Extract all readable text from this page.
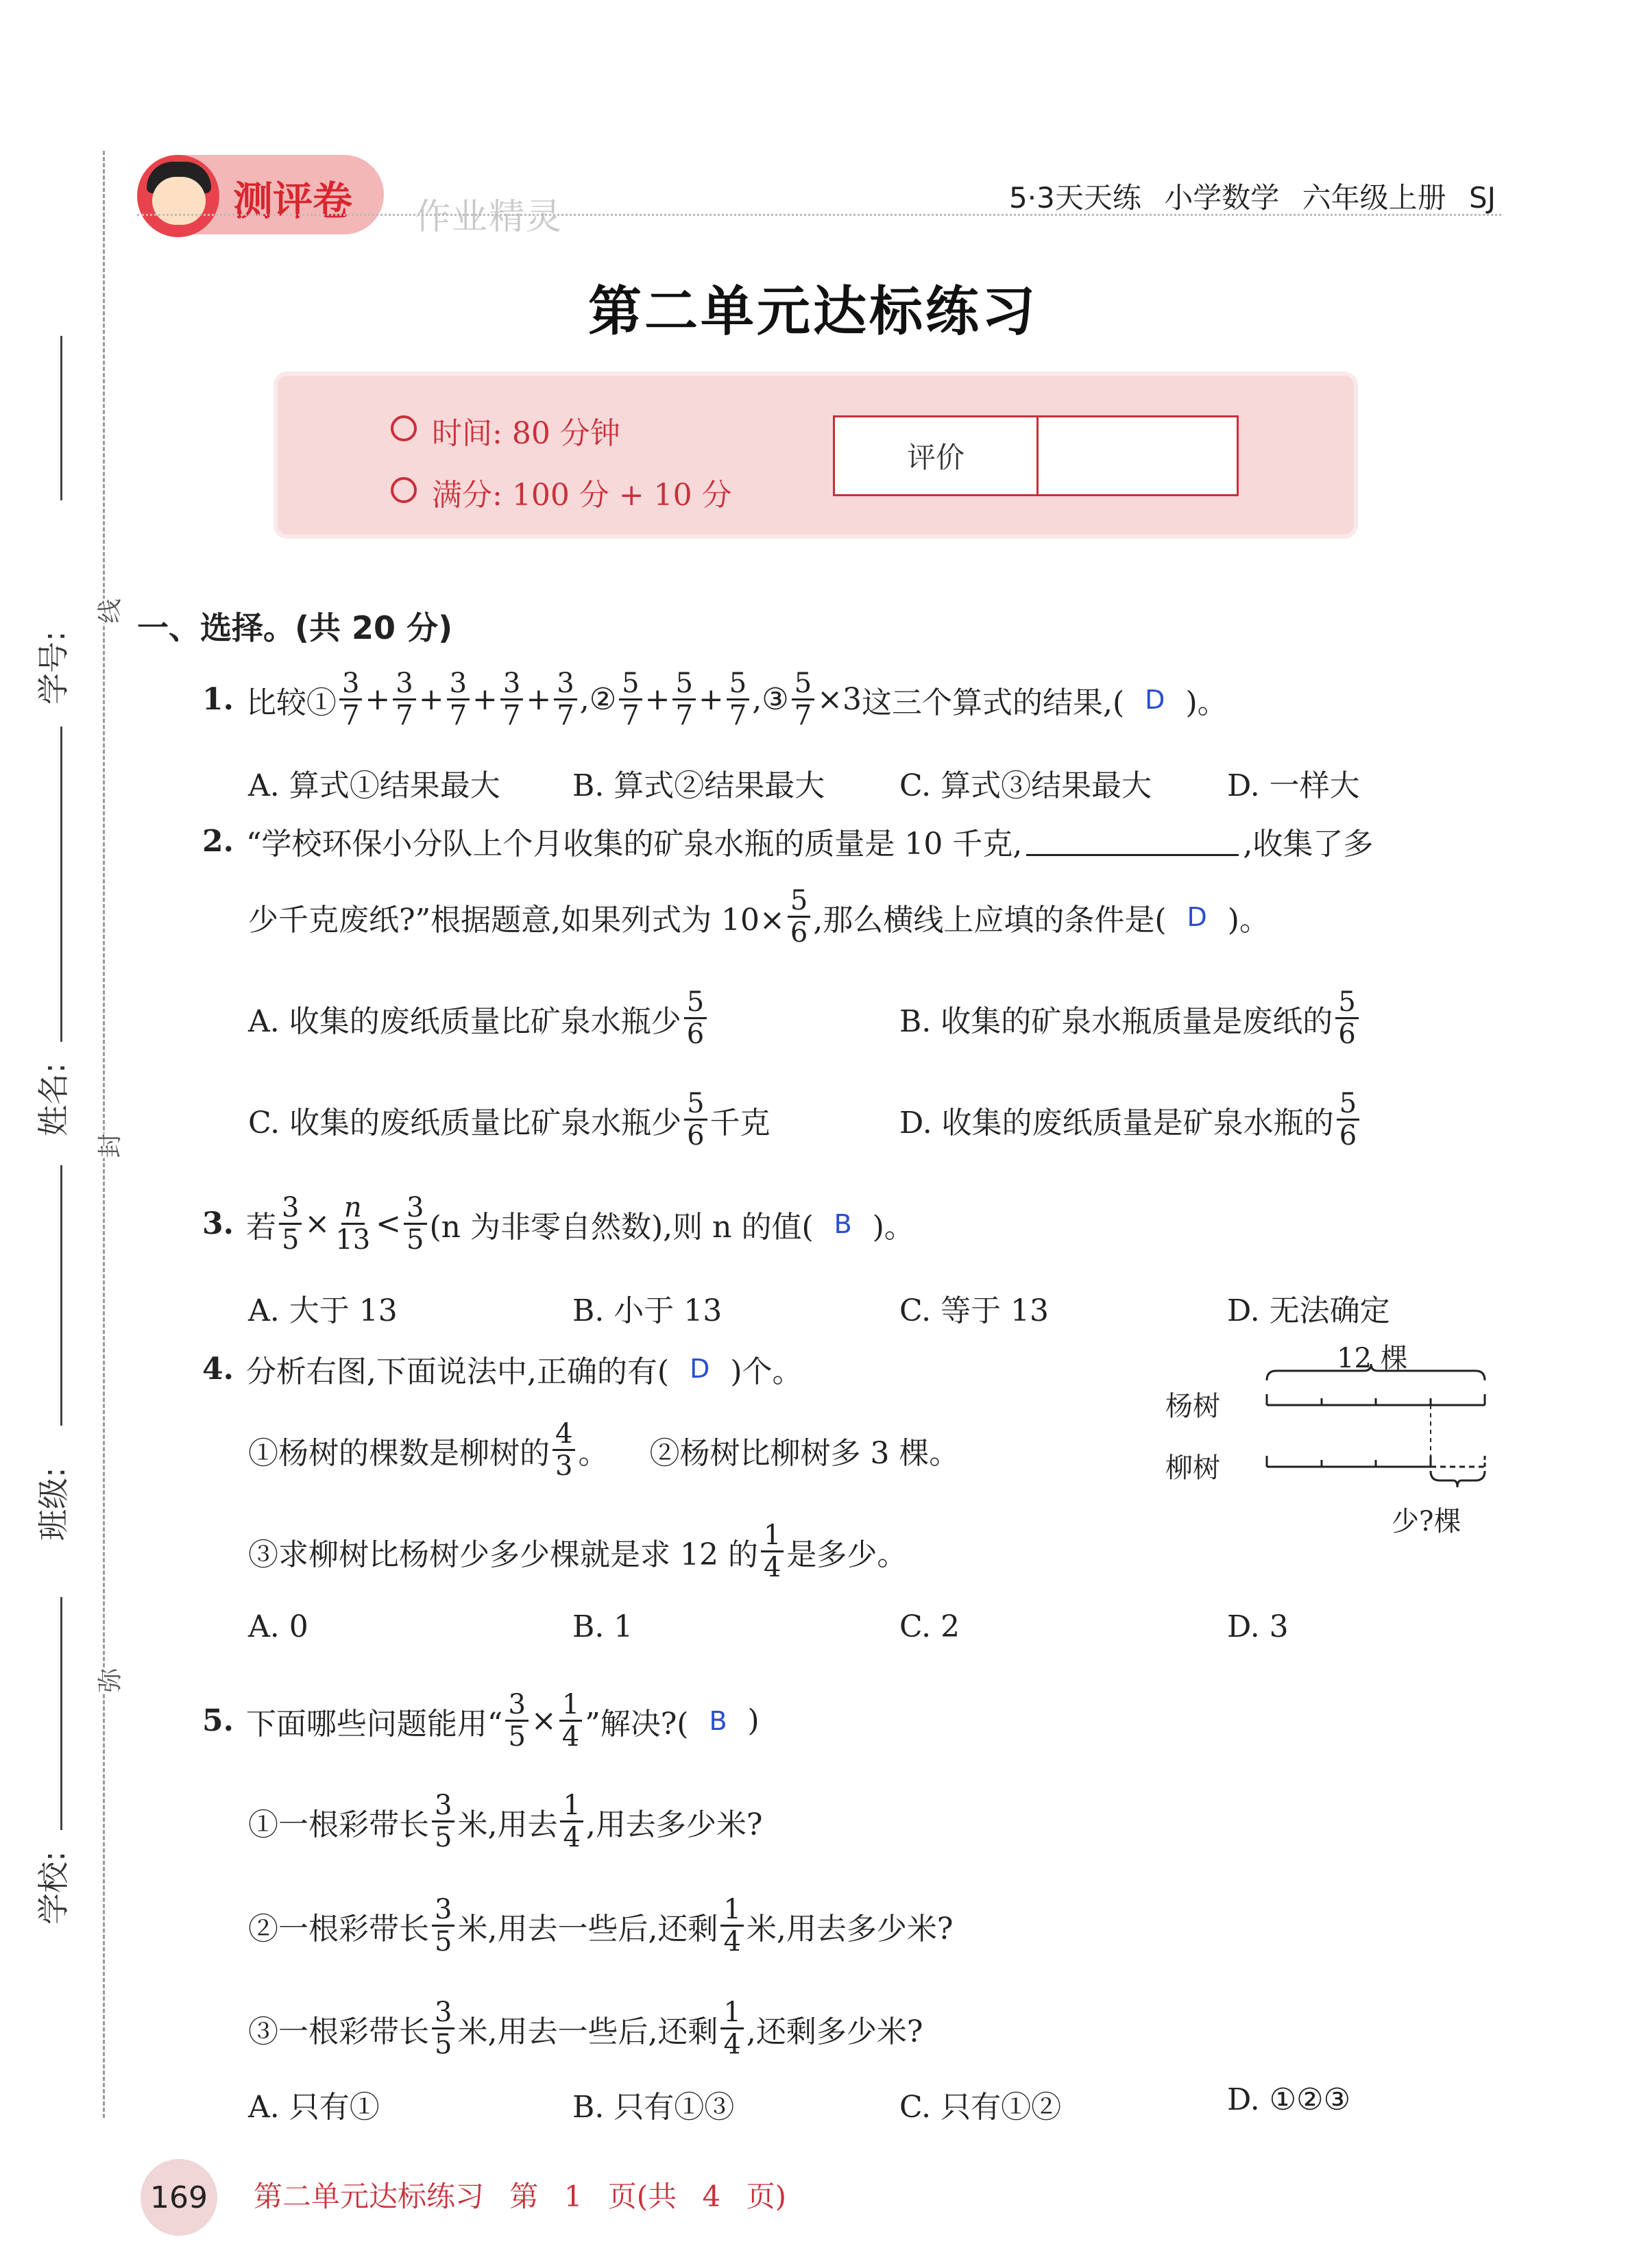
学号:
姓名:
班级:
学校:
线
封
弥
测评卷 作业精灵	5·3天天练 小学数学 六年级上册 SJ
第二单元达标练习
时间: 80 分钟
满分: 100 分 + 10 分
评价
一、选择。(共 20 分)
1. 比较① $\frac{3}{7} + \frac{3}{7} + \frac{3}{7} + \frac{3}{7} + \frac{3}{7}$ ,② $\frac{5}{7} + \frac{5}{7} + \frac{5}{7}$ ,③ $\frac{5}{7} \times 3$ 这三个算式的结果,( D )。
A. 算式①结果最大 B. 算式②结果最大 C. 算式③结果最大 D. 一样大
2. “学校环保小分队上个月收集的矿泉水瓶的质量是 10 千克,	,收集了多
少千克废纸?”根据题意,如果列式为 $10\times \frac{5}{6}$ ,那么横线上应填的条件是( D )。
A. 收集的废纸质量比矿泉水瓶少 $\frac{5}{6}$	B. 收集的矿泉水瓶质量是废纸的 $\frac{5}{6}$
C. 收集的废纸质量比矿泉水瓶少 $\frac{5}{6}$ 千克	D. 收集的废纸质量是矿泉水瓶的 $\frac{5}{6}$
3. 若 $\frac{3}{5} \times \frac{n}{13} < \frac{3}{5} (n$ 为非零自然数),则 n 的值( B )。
A. 大于 13	B. 小于 13	C. 等于 13	D. 无法确定
4. 分析右图,下面说法中,正确的有( D )个。
①杨树的棵数是柳树的 $\frac{4}{3}$ 。 ②杨树比柳树多 3 棵。
③求柳树比杨树少多少棵就是求 12 的 $\frac{1}{4}$ 是多少。
A. 0	B. 1	C. 2	D. 3
12 棵
杨树
柳树
少?棵
5. 下面哪些问题能用“ $\frac{3}{5} \times \frac{1}{4}$ ”解决?( B )
①一根彩带长 $\frac{3}{5}$ 米,用去 $\frac{1}{4}$ ,用去多少米?
②一根彩带长 $\frac{3}{5}$ 米,用去一些后,还剩 $\frac{1}{4}$ 米,用去多少米?
③一根彩带长 $\frac{3}{5}$ 米,用去一些后,还剩 $\frac{1}{4}$ ,还剩多少米?
A. 只有①	B. 只有①③	C. 只有①②	D. ①②③
169	第二单元达标练习 第 1 页(共 4 页)
